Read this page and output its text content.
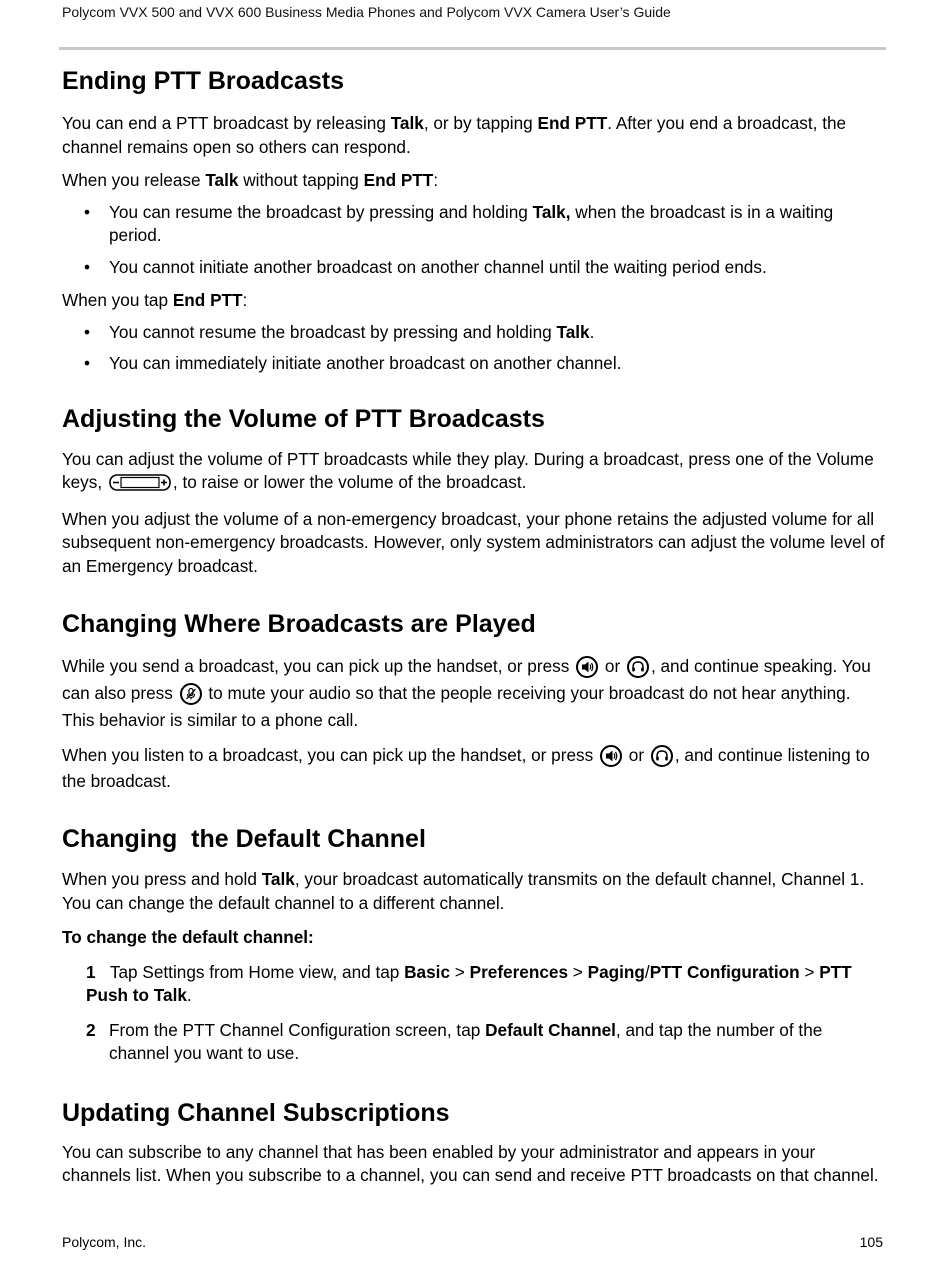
Polycom VVX 500 and VVX 600 Business Media Phones and Polycom VVX Camera User’s Guide
Ending PTT Broadcasts

You can end a PTT broadcast by releasing Talk, or by tapping End PTT. After you end a broadcast, the channel remains open so others can respond.

When you release Talk without tapping End PTT:

• You can resume the broadcast by pressing and holding Talk, when the broadcast is in a waiting period.
• You cannot initiate another broadcast on another channel until the waiting period ends.

When you tap End PTT:

• You cannot resume the broadcast by pressing and holding Talk.
• You can immediately initiate another broadcast on another channel.
Adjusting the Volume of PTT Broadcasts

You can adjust the volume of PTT broadcasts while they play. During a broadcast, press one of the Volume keys,	, to raise or lower the volume of the broadcast.

When you adjust the volume of a non-emergency broadcast, your phone retains the adjusted volume for all subsequent non-emergency broadcasts. However, only system administrators can adjust the volume level of an Emergency broadcast.

Changing Where Broadcasts are Played

While you send a broadcast, you can pick up the handset, or press
or
, and continue speaking. You can also press
to mute your audio so that the people receiving your broadcast do not hear anything. This behavior is similar to a phone call.

When you listen to a broadcast, you can pick up the handset, or press
or
, and continue listening to the broadcast.

Changing  the Default Channel

When you press and hold Talk, your broadcast automatically transmits on the default channel, Channel 1. You can change the default channel to a different channel.

To change the default channel:

1 Tap Settings from Home view, and tap Basic > Preferences > Paging/PTT Configuration > PTT Push to Talk.
2 From the PTT Channel Configuration screen, tap Default Channel, and tap the number of the channel you want to use.
Updating Channel Subscriptions

You can subscribe to any channel that has been enabled by your administrator and appears in your channels list. When you subscribe to a channel, you can send and receive PTT broadcasts on that channel.

Polycom, Inc.	105
